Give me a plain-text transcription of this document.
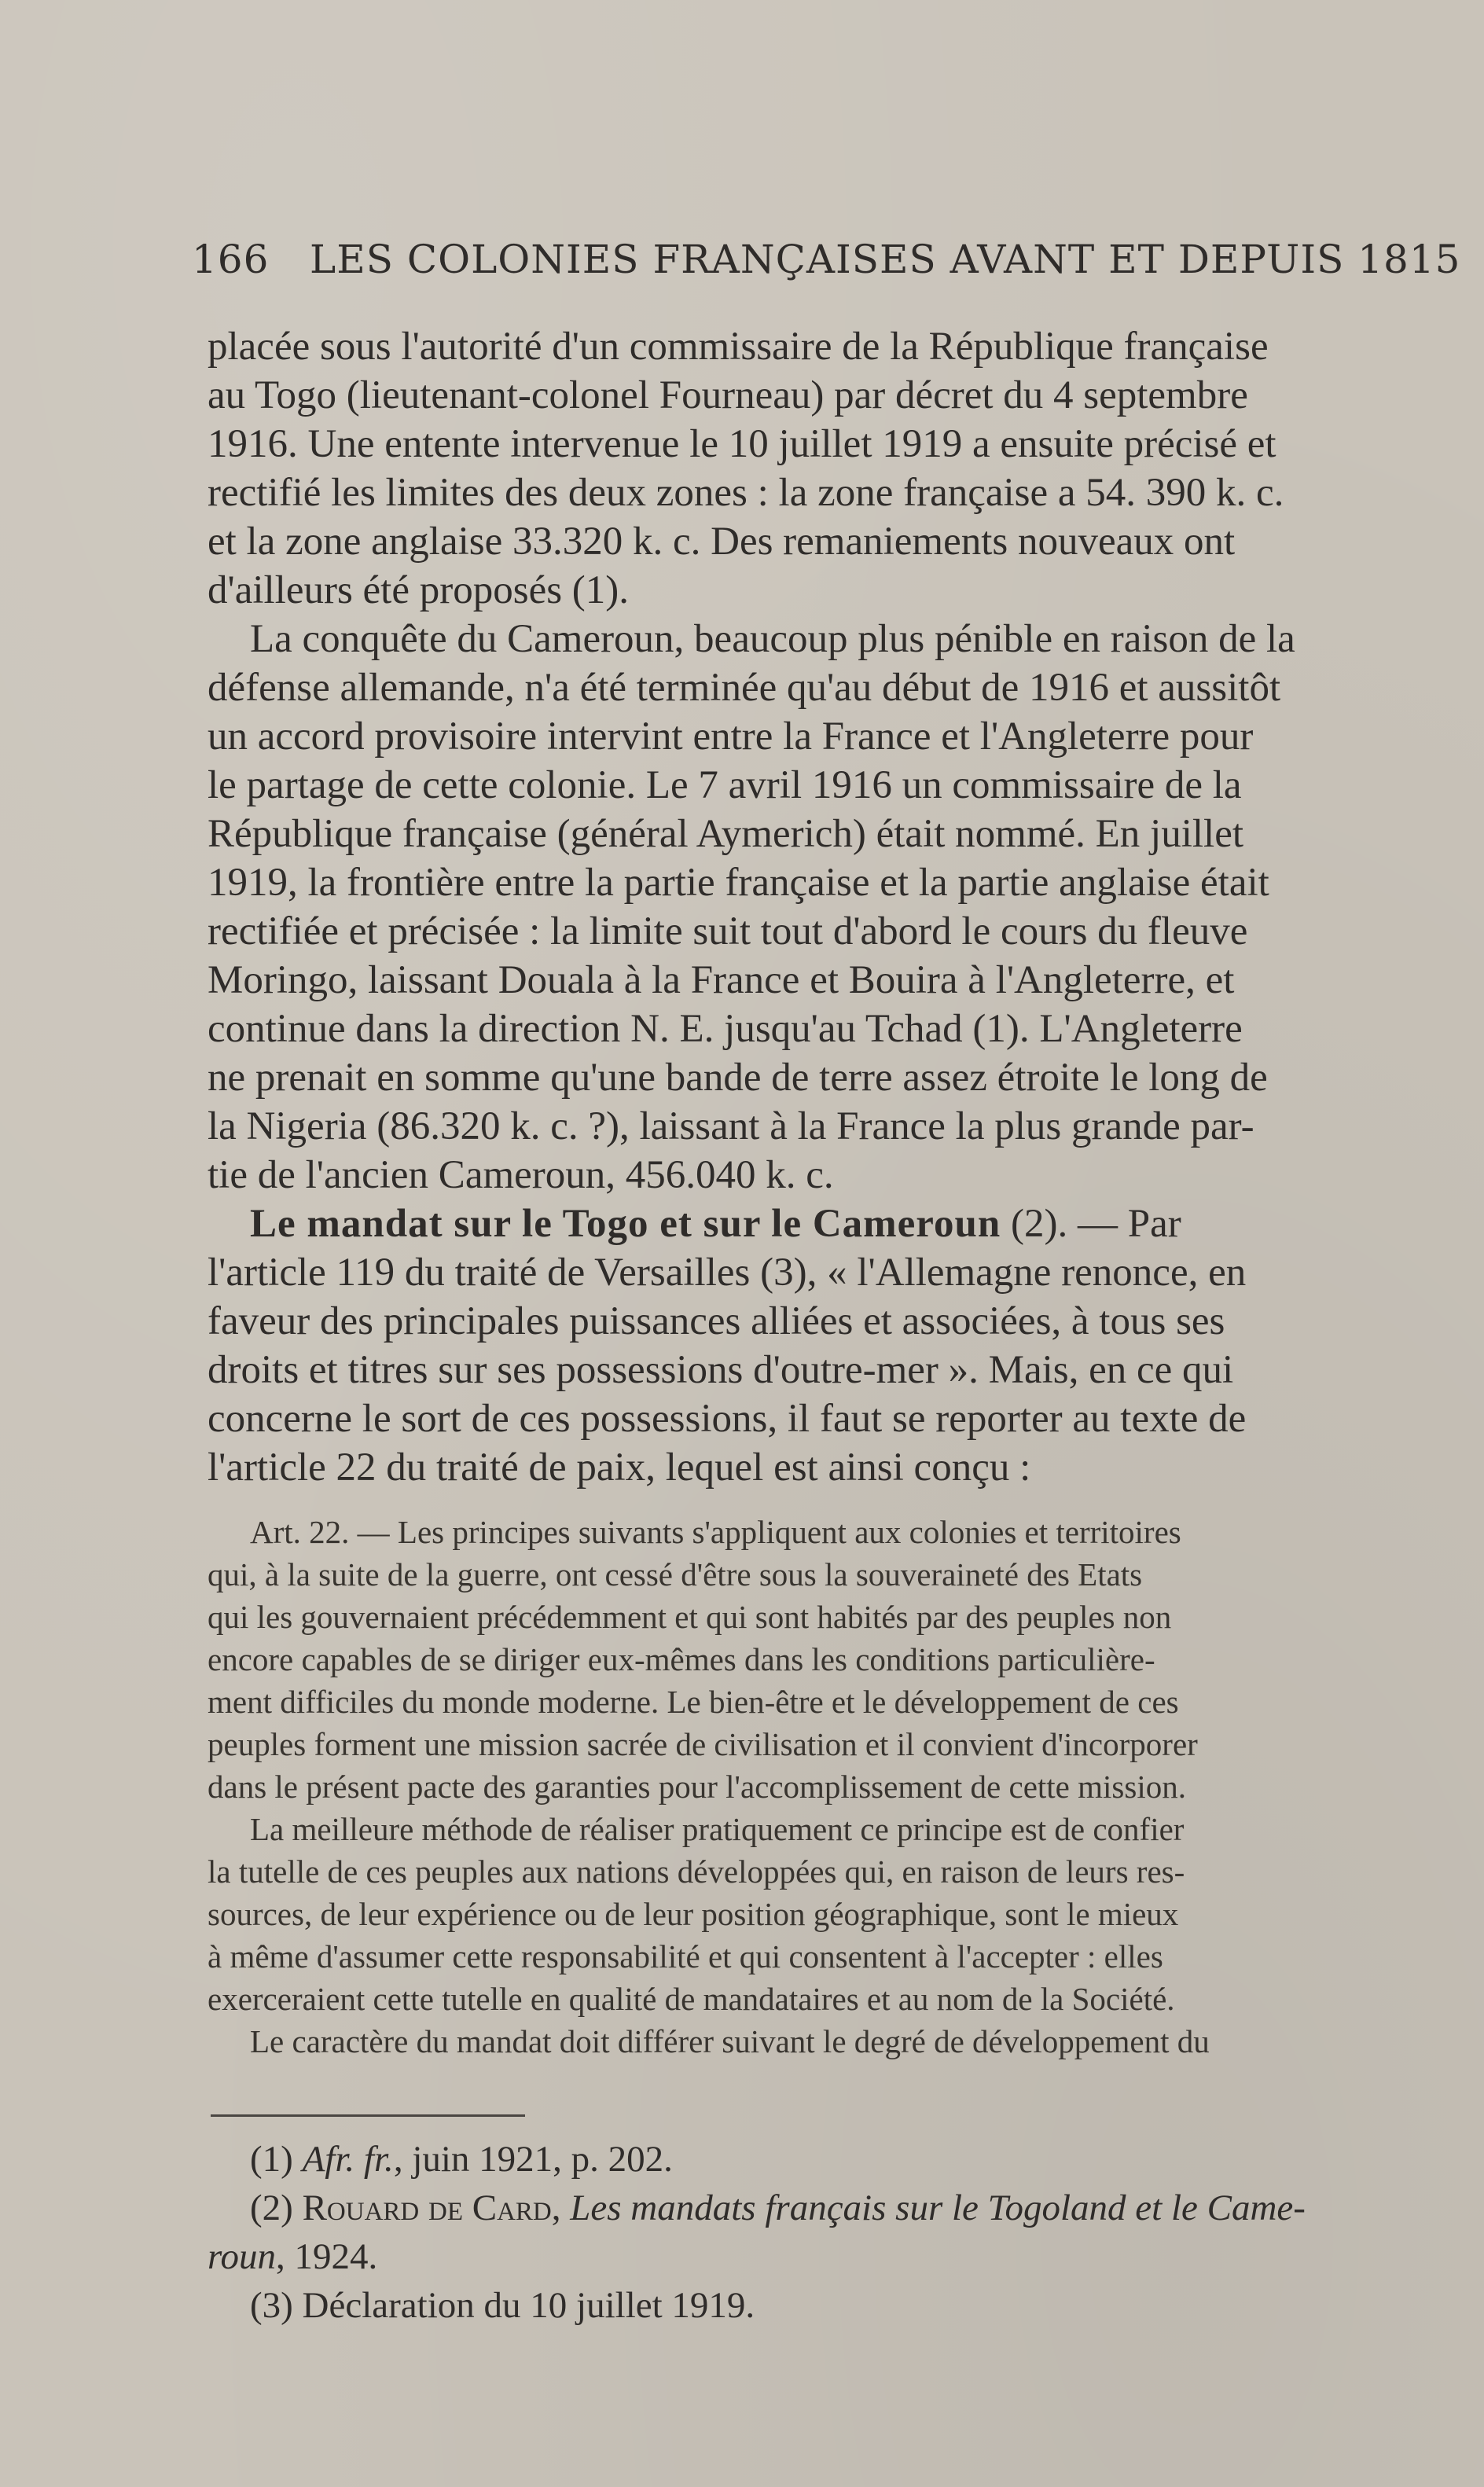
166 LES COLONIES FRANÇAISES AVANT ET DEPUIS 1815

placée sous l'autorité d'un commissaire de la République française

au Togo (lieutenant-colonel Fourneau) par décret du 4 septembre

1916. Une entente intervenue le 10 juillet 1919 a ensuite précisé et

rectifié les limites des deux zones : la zone française a 54. 390 k. c.

et la zone anglaise 33.320 k. c. Des remaniements nouveaux ont

d'ailleurs été proposés (1).

La conquête du Cameroun, beaucoup plus pénible en raison de la

défense allemande, n'a été terminée qu'au début de 1916 et aussitôt

un accord provisoire intervint entre la France et l'Angleterre pour

le partage de cette colonie. Le 7 avril 1916 un commissaire de la

République française (général Aymerich) était nommé. En juillet

1919, la frontière entre la partie française et la partie anglaise était

rectifiée et précisée : la limite suit tout d'abord le cours du fleuve

Moringo, laissant Douala à la France et Bouira à l'Angleterre, et

continue dans la direction N. E. jusqu'au Tchad (1). L'Angleterre

ne prenait en somme qu'une bande de terre assez étroite le long de

la Nigeria (86.320 k. c. ?), laissant à la France la plus grande par-

tie de l'ancien Cameroun, 456.040 k. c.

Le mandat sur le Togo et sur le Cameroun (2). — Par

l'article 119 du traité de Versailles (3), « l'Allemagne renonce, en

faveur des principales puissances alliées et associées, à tous ses

droits et titres sur ses possessions d'outre-mer ». Mais, en ce qui

concerne le sort de ces possessions, il faut se reporter au texte de

l'article 22 du traité de paix, lequel est ainsi conçu :

Art. 22. — Les principes suivants s'appliquent aux colonies et territoires

qui, à la suite de la guerre, ont cessé d'être sous la souveraineté des Etats

qui les gouvernaient précédemment et qui sont habités par des peuples non

encore capables de se diriger eux-mêmes dans les conditions particulière-

ment difficiles du monde moderne. Le bien-être et le développement de ces

peuples forment une mission sacrée de civilisation et il convient d'incorporer

dans le présent pacte des garanties pour l'accomplissement de cette mission.

La meilleure méthode de réaliser pratiquement ce principe est de confier

la tutelle de ces peuples aux nations développées qui, en raison de leurs res-

sources, de leur expérience ou de leur position géographique, sont le mieux

à même d'assumer cette responsabilité et qui consentent à l'accepter : elles

exerceraient cette tutelle en qualité de mandataires et au nom de la Société.

Le caractère du mandat doit différer suivant le degré de développement du

(1) Afr. fr., juin 1921, p. 202.

(2) Rouard de Card, Les mandats français sur le Togoland et le Came-

roun, 1924.

(3) Déclaration du 10 juillet 1919.
